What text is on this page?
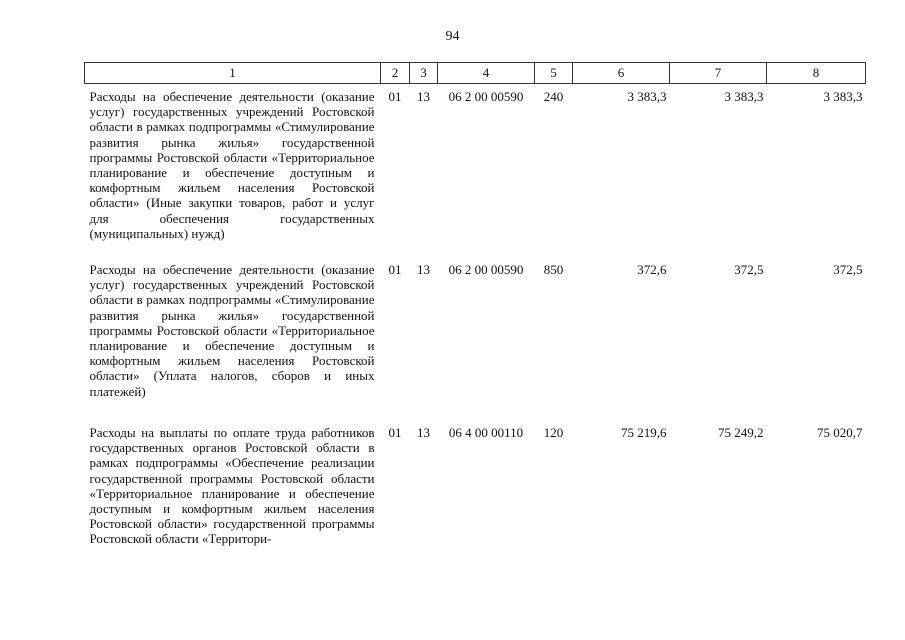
94
1	2	3	4	5	6	7	8
Расходы на обеспечение деятельности (оказание услуг) государственных учреждений Ростовской области в рамках подпрограммы «Стимулирование развития рынка жилья» государственной программы Ростовской области «Территориальное планирование и обеспечение доступным и комфортным жильем населения Ростовской области» (Иные закупки товаров, работ и услуг для обеспечения государственных (муниципальных) нужд)	01	13	06 2 00 00590	240	3 383,3	3 383,3	3 383,3
Расходы на обеспечение деятельности (оказание услуг) государственных учреждений Ростовской области в рамках подпрограммы «Стимулирование развития рынка жилья» государственной программы Ростовской области «Территориальное планирование и обеспечение доступным и комфортным жильем населения Ростовской области» (Уплата налогов, сборов и иных платежей)	01	13	06 2 00 00590	850	372,6	372,5	372,5
Расходы на выплаты по оплате труда работников государственных органов Ростовской области в рамках подпрограммы «Обеспечение реализации государственной программы Ростовской области «Территориальное планирование и обеспечение доступным и комфортным жильем населения Ростовской области» государственной программы Ростовской области «Территори-	01	13	06 4 00 00110	120	75 219,6	75 249,2	75 020,7
